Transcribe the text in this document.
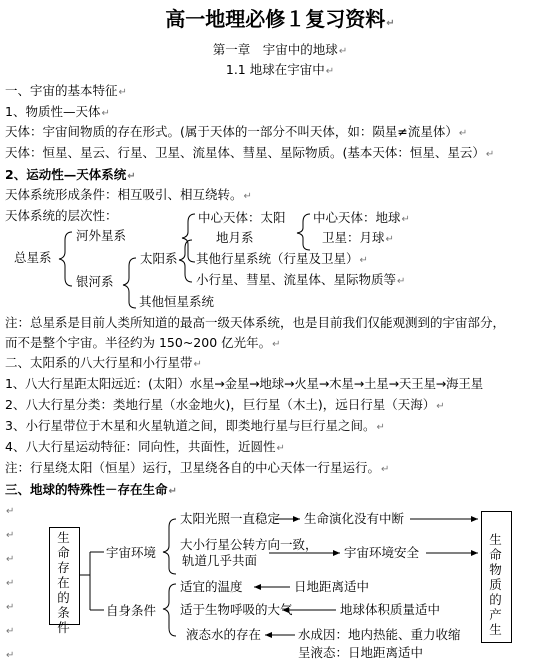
高一地理必修１复习资料↵
第一章　宇宙中的地球↵
1.1 地球在宇宙中↵
一、宇宙的基本特征↵
1、物质性—天体↵
天体：宇宙间物质的存在形式。(属于天体的一部分不叫天体，如：陨星≠流星体）↵
天体：恒星、星云、行星、卫星、流星体、彗星、星际物质。(基本天体：恒星、星云）↵
2、运动性—天体系统↵
天体系统形成条件：相互吸引、相互绕转。↵
天体系统的层次性：
总星系
河外星系
银河系
太阳系
中心天体：太阳
地月系
中心天体：地球↵
卫星：月球↵
其他行星系统（行星及卫星）↵
小行星、彗星、流星体、星际物质等↵
其他恒星系统
注：总星系是目前人类所知道的最高一级天体系统，也是目前我们仅能观测到的宇宙部分，
而不是整个宇宙。半径约为 150~200 亿光年。↵
二、太阳系的八大行星和小行星带↵
1、八大行星距太阳远近：(太阳）水星→金星→地球→火星→木星→土星→天王星→海王星
2、八大行星分类：类地行星（水金地火)，巨行星（木土)，远日行星（天海）↵
3、小行星带位于木星和火星轨道之间，即类地行星与巨行星之间。↵
4、八大行星运动特征：同向性，共面性，近圆性↵
注：行星绕太阳（恒星）运行，卫星绕各自的中心天体一行星运行。↵
三、地球的特殊性－存在生命↵
↵
↵
↵
↵
↵
↵
↵
生命存在的条件
生命物质的产生
宇宙环境
自身条件
太阳光照一直稳定 生命演化没有中断
大小行星公转方向一致，
轨道几乎共面
宇宙环境安全
适宜的温度	日地距离适中
适于生物呼吸的大气	地球体积质量适中
液态水的存在	水成因：地内热能、重力收缩
呈液态：日地距离适中
